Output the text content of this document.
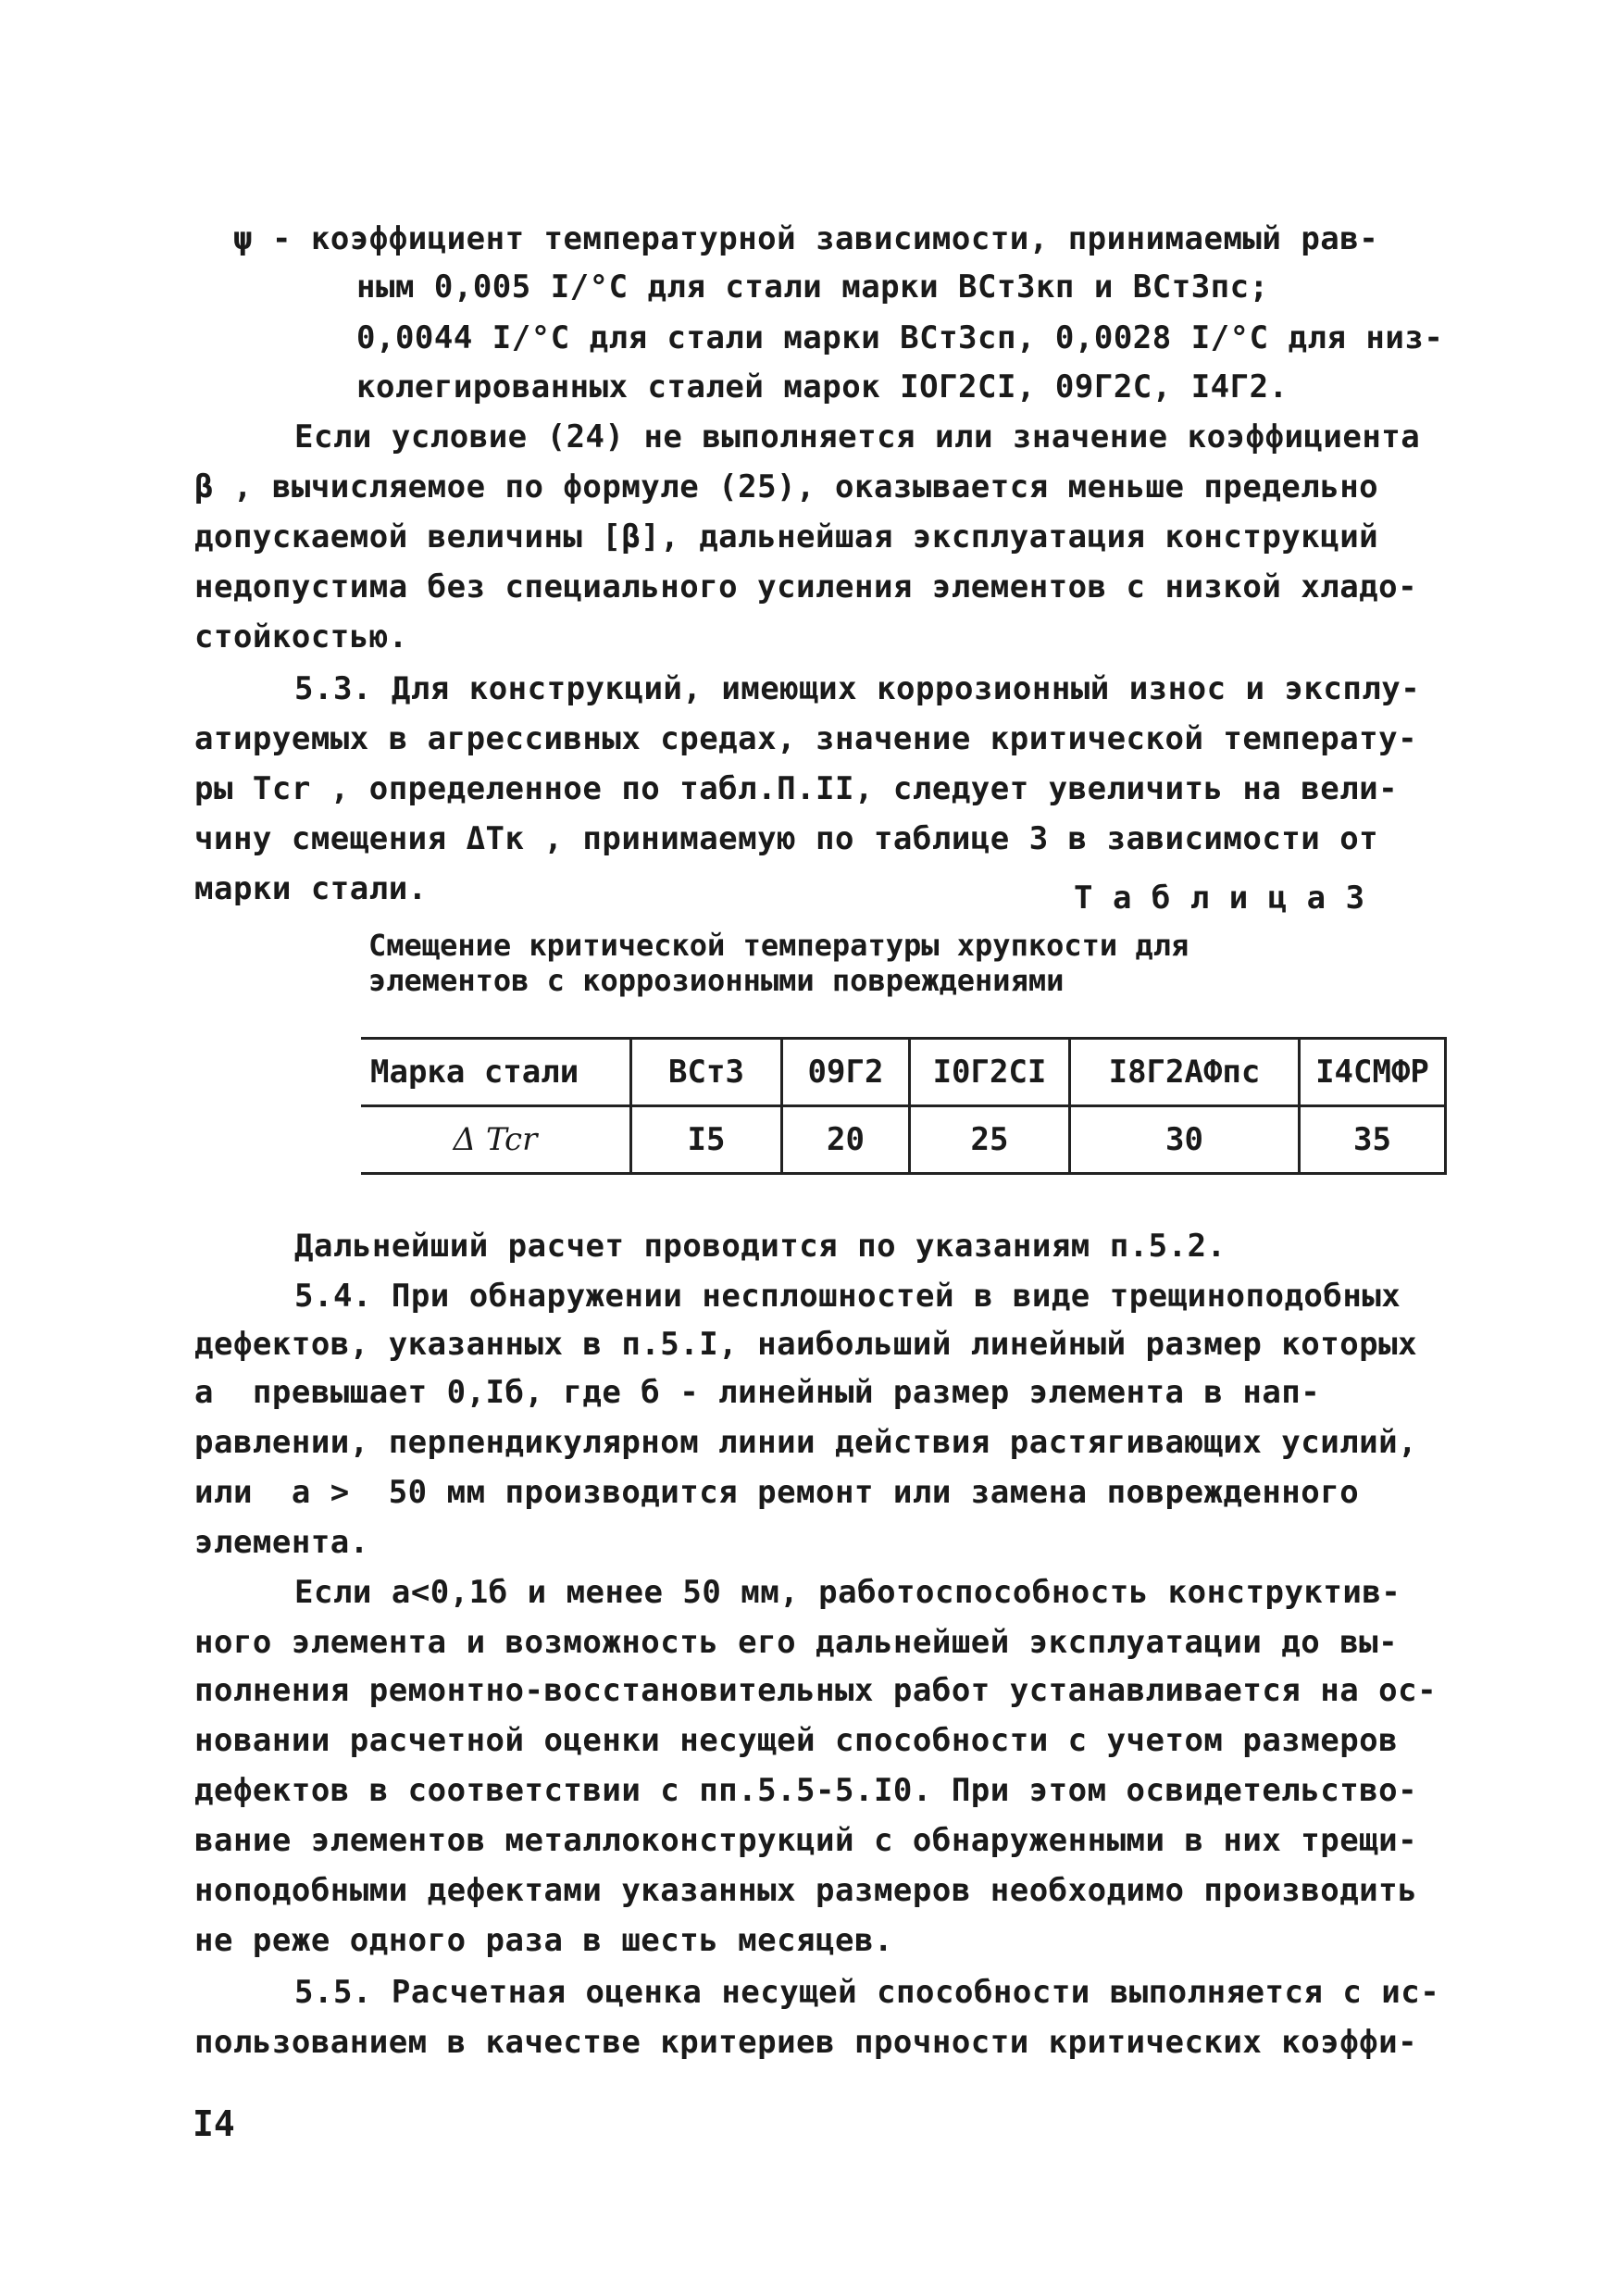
ψ - коэффициент температурной зависимости, принимаемый рав-
ным 0,005 I/°C для стали марки ВСт3кп и ВСт3пс;
0,0044 I/°C для стали марки ВСт3сп, 0,0028 I/°C для низ-
колегированных сталей марок IOГ2CI, 09Г2С, I4Г2.
Если условие (24) не выполняется или значение коэффициента
β , вычисляемое по формуле (25), оказывается меньше предельно
допускаемой величины [β], дальнейшая эксплуатация конструкций
недопустима без специального усиления элементов с низкой хладо-
стойкостью.
5.3. Для конструкций, имеющих коррозионный износ и эксплу-
атируемых в агрессивных средах, значение критической температу-
ры Tcr , определенное по табл.П.II, следует увеличить на вели-
чину смещения ΔTк , принимаемую по таблице 3 в зависимости от
марки стали.	Т а б л и ц а 3
Смещение критической температуры хрупкости для
элементов с коррозионными повреждениями
Марка стали	ВСт3	09Г2	I0Г2СI	I8Г2АФпс	I4СМФР
Δ Tcr	I5	20	25	30	35
Дальнейший расчет проводится по указаниям п.5.2.
5.4. При обнаружении несплошностей в виде трещиноподобных
дефектов, указанных в п.5.I, наибольший линейный размер которых
a  превышает 0,Iб, где б - линейный размер элемента в нап-
равлении, перпендикулярном линии действия растягивающих усилий,
или  a >  50 мм производится ремонт или замена поврежденного
элемента.
Если a<0,1б и менее 50 мм, работоспособность конструктив-
ного элемента и возможность его дальнейшей эксплуатации до вы-
полнения ремонтно-восстановительных работ устанавливается на ос-
новании расчетной оценки несущей способности с учетом размеров
дефектов в соответствии с пп.5.5-5.I0. При этом освидетельство-
вание элементов металлоконструкций с обнаруженными в них трещи-
ноподобными дефектами указанных размеров необходимо производить
не реже одного раза в шесть месяцев.
5.5. Расчетная оценка несущей способности выполняется с ис-
пользованием в качестве критериев прочности критических коэффи-
I4
